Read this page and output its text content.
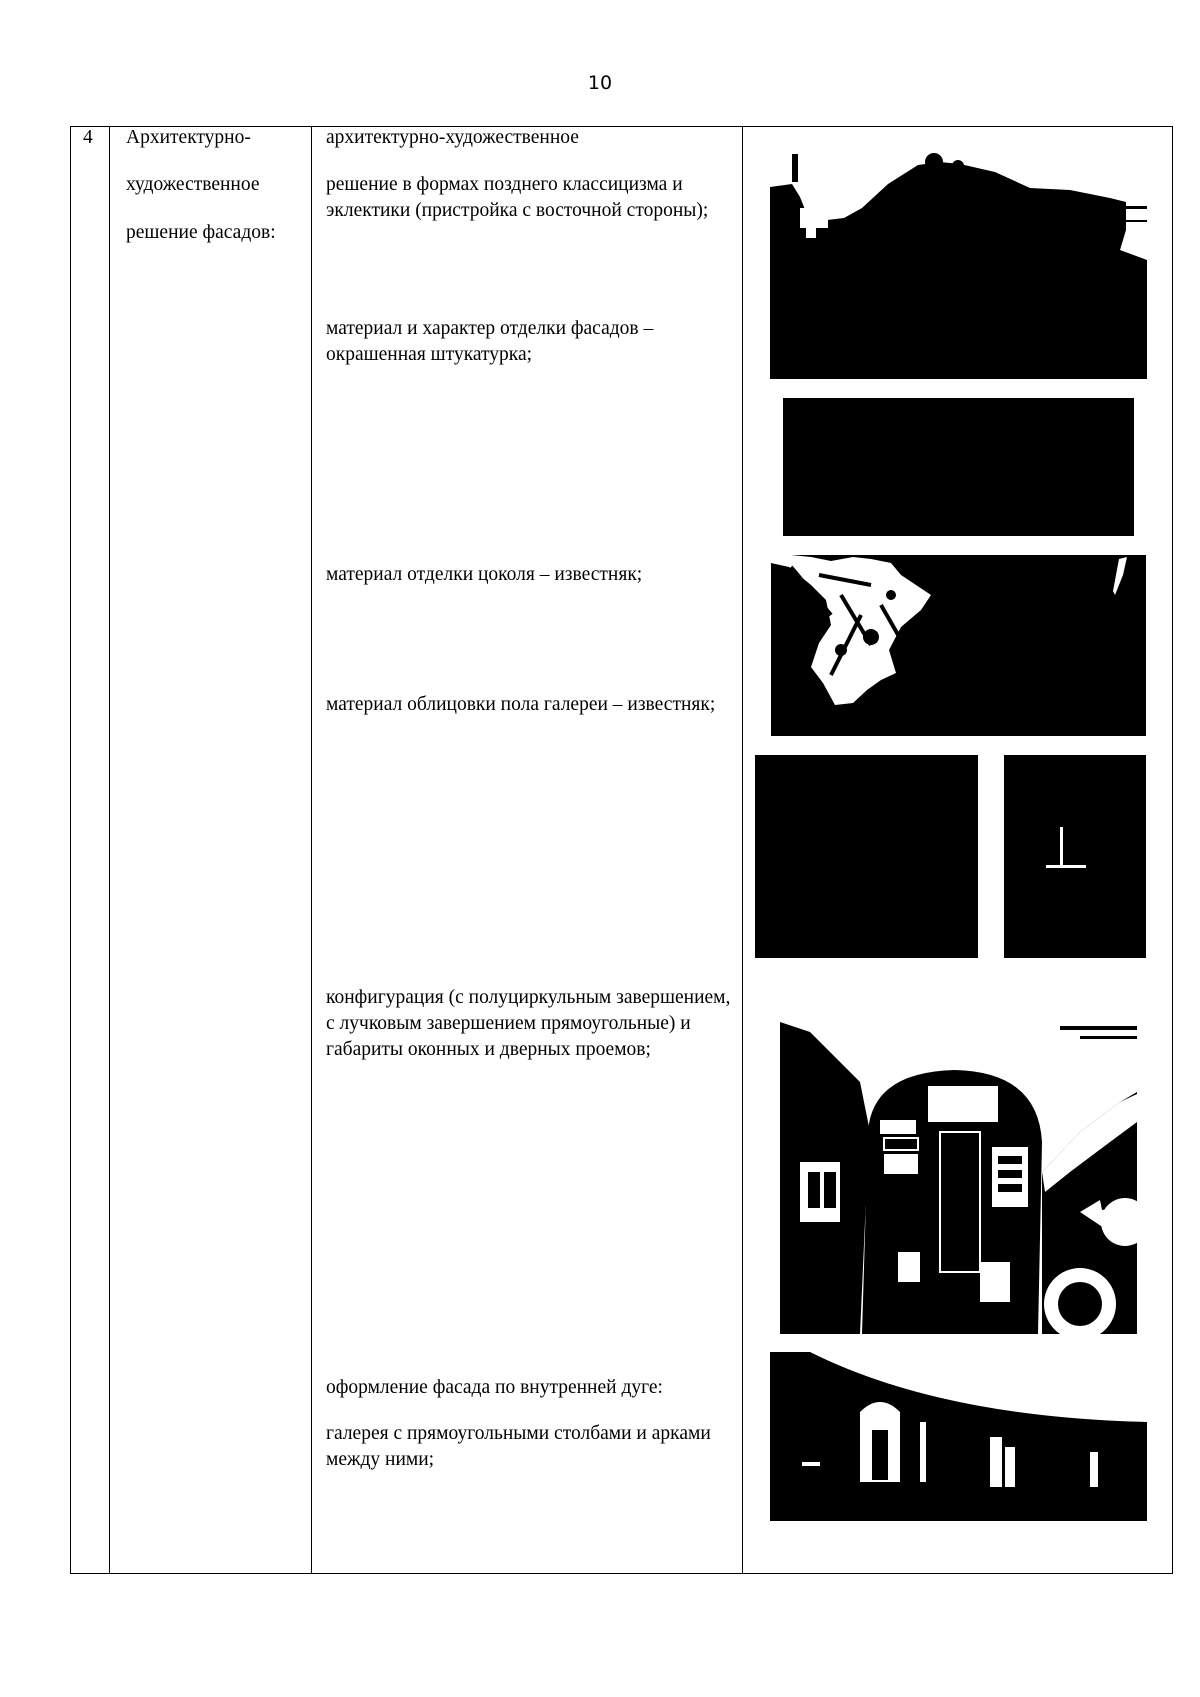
10
4 Архитектурно-
художественное
решение фасадов:
архитектурно-художественное
решение в формах позднего классицизма и эклектики (пристройка с восточной стороны);
материал и характер отделки фасадов – окрашенная штукатурка;
материал отделки цоколя – известняк;
материал облицовки пола галереи – известняк;
конфигурация (с полуциркульным завершением, с лучковым завершением прямоугольные) и габариты оконных и дверных проемов;
оформление фасада по внутренней дуге:
галерея с прямоугольными столбами и арками между ними;
